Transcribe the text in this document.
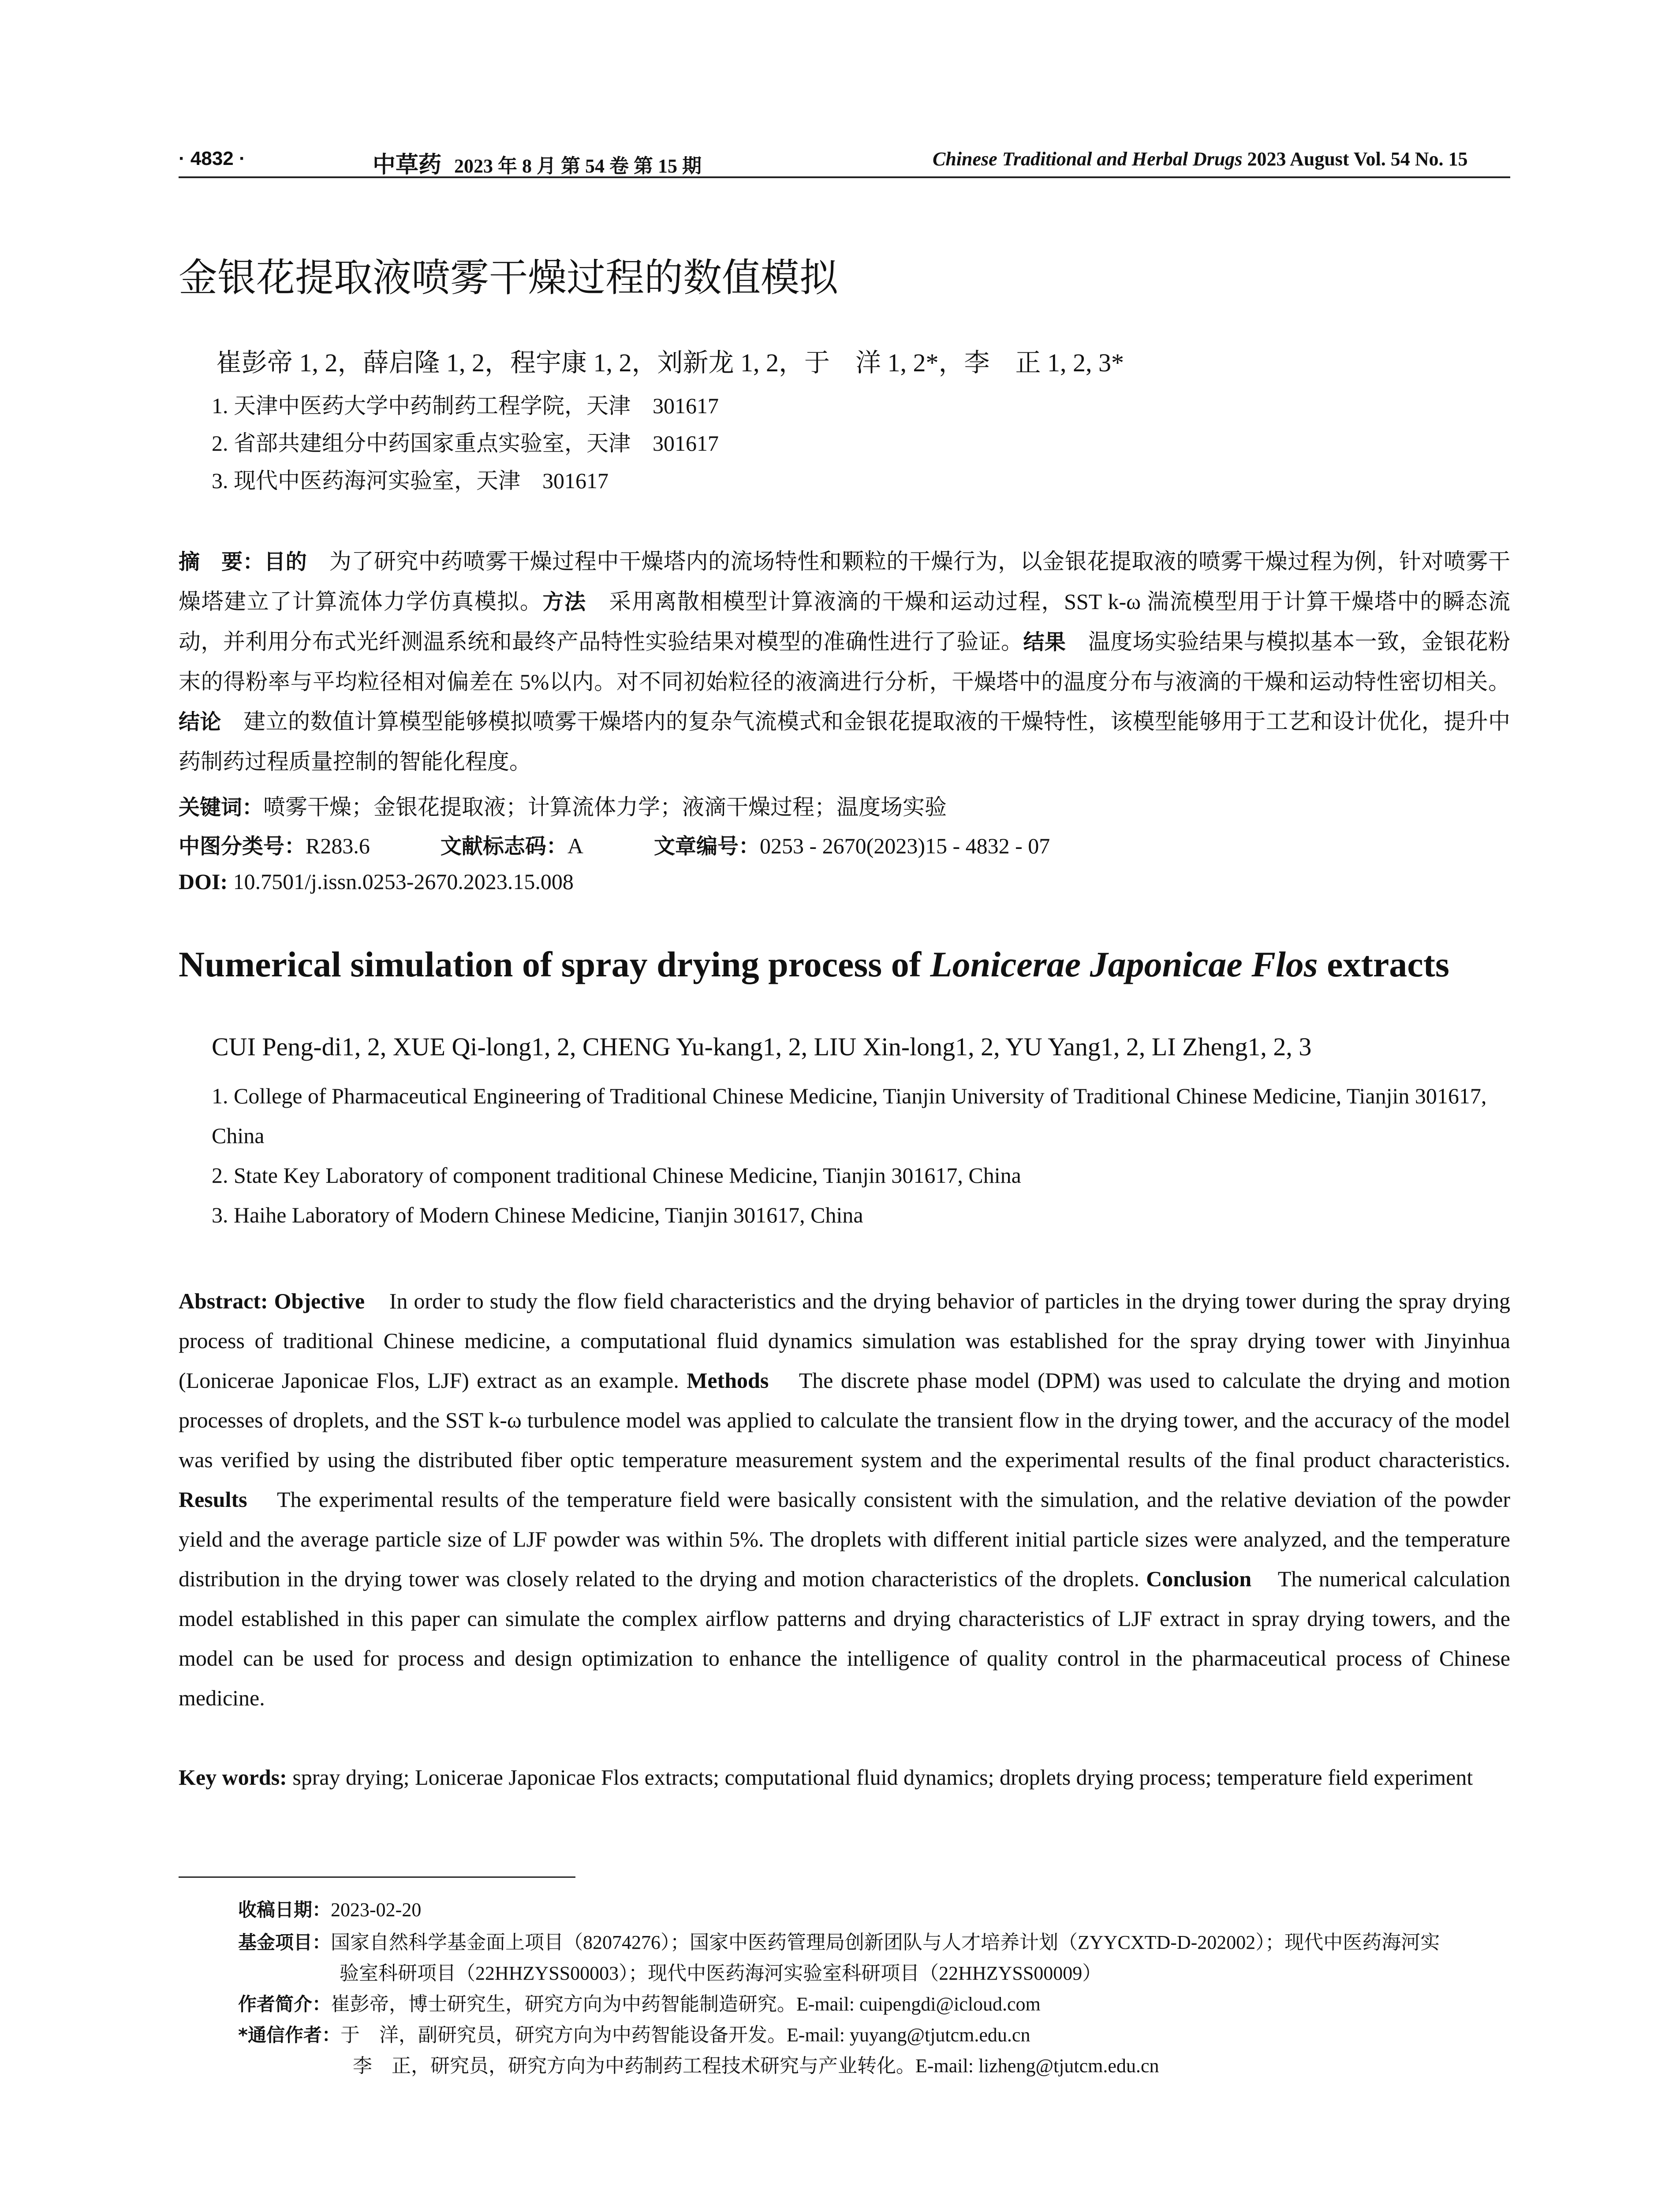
· 4832 ·	中草药 2023 年 8 月 第 54 卷 第 15 期	Chinese Traditional and Herbal Drugs 2023 August Vol. 54 No. 15
金银花提取液喷雾干燥过程的数值模拟
崔彭帝 1, 2，薛启隆 1, 2，程宇康 1, 2，刘新龙 1, 2，于　洋 1, 2*，李　正 1, 2, 3*
1. 天津中医药大学中药制药工程学院，天津　301617
2. 省部共建组分中药国家重点实验室，天津　301617
3. 现代中医药海河实验室，天津　301617
摘　要：目的　 为了研究中药喷雾干燥过程中干燥塔内的流场特性和颗粒的干燥行为，以金银花提取液的喷雾干燥过程为例，针对喷雾干燥塔建立了计算流体力学仿真模拟。方法　 采用离散相模型计算液滴的干燥和运动过程，SST k-ω 湍流模型用于计算干燥塔中的瞬态流动，并利用分布式光纤测温系统和最终产品特性实验结果对模型的准确性进行了验证。结果　 温度场实验结果与模拟基本一致，金银花粉末的得粉率与平均粒径相对偏差在 5%以内。对不同初始粒径的液滴进行分析，干燥塔中的温度分布与液滴的干燥和运动特性密切相关。结论　 建立的数值计算模型能够模拟喷雾干燥塔内的复杂气流模式和金银花提取液的干燥特性，该模型能够用于工艺和设计优化，提升中药制药过程质量控制的智能化程度。
关键词：喷雾干燥；金银花提取液；计算流体力学；液滴干燥过程；温度场实验
中图分类号：R283.6	文献标志码：A	文章编号：0253 - 2670(2023)15 - 4832 - 07
DOI: 10.7501/j.issn.0253-2670.2023.15.008
Numerical simulation of spray drying process of Lonicerae Japonicae Flos extracts
CUI Peng-di1, 2, XUE Qi-long1, 2, CHENG Yu-kang1, 2, LIU Xin-long1, 2, YU Yang1, 2, LI Zheng1, 2, 3
1. College of Pharmaceutical Engineering of Traditional Chinese Medicine, Tianjin University of Traditional Chinese Medicine, Tianjin 301617, China
2. State Key Laboratory of component traditional Chinese Medicine, Tianjin 301617, China
3. Haihe Laboratory of Modern Chinese Medicine, Tianjin 301617, China
Abstract: Objective In order to study the flow field characteristics and the drying behavior of particles in the drying tower during the spray drying process of traditional Chinese medicine, a computational fluid dynamics simulation was established for the spray drying tower with Jinyinhua (Lonicerae Japonicae Flos, LJF) extract as an example. Methods The discrete phase model (DPM) was used to calculate the drying and motion processes of droplets, and the SST k-ω turbulence model was applied to calculate the transient flow in the drying tower, and the accuracy of the model was verified by using the distributed fiber optic temperature measurement system and the experimental results of the final product characteristics. Results The experimental results of the temperature field were basically consistent with the simulation, and the relative deviation of the powder yield and the average particle size of LJF powder was within 5%. The droplets with different initial particle sizes were analyzed, and the temperature distribution in the drying tower was closely related to the drying and motion characteristics of the droplets. Conclusion The numerical calculation model established in this paper can simulate the complex airflow patterns and drying characteristics of LJF extract in spray drying towers, and the model can be used for process and design optimization to enhance the intelligence of quality control in the pharmaceutical process of Chinese medicine.
Key words: spray drying; Lonicerae Japonicae Flos extracts; computational fluid dynamics; droplets drying process; temperature field experiment
收稿日期：2023-02-20
基金项目：国家自然科学基金面上项目（82074276）；国家中医药管理局创新团队与人才培养计划（ZYYCXTD-D-202002）；现代中医药海河实
验室科研项目（22HHZYSS00003）；现代中医药海河实验室科研项目（22HHZYSS00009）
作者简介：崔彭帝，博士研究生，研究方向为中药智能制造研究。E-mail: cuipengdi@icloud.com
*通信作者：于　洋，副研究员，研究方向为中药智能设备开发。E-mail: yuyang@tjutcm.edu.cn
李　正，研究员，研究方向为中药制药工程技术研究与产业转化。E-mail: lizheng@tjutcm.edu.cn
